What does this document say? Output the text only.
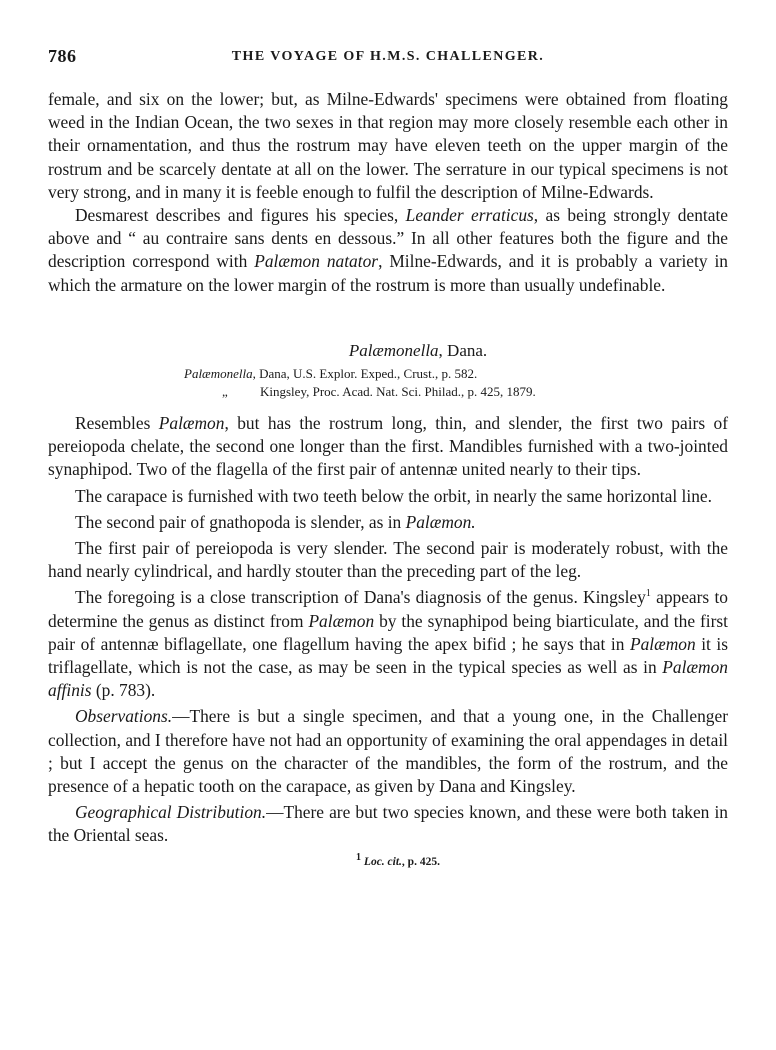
786	THE VOYAGE OF H.M.S. CHALLENGER.

female, and six on the lower; but, as Milne-Edwards' specimens were obtained from floating weed in the Indian Ocean, the two sexes in that region may more closely resemble each other in their ornamentation, and thus the rostrum may have eleven teeth on the upper margin of the rostrum and be scarcely dentate at all on the lower. The serrature in our typical specimens is not very strong, and in many it is feeble enough to fulfil the description of Milne-Edwards.

Desmarest describes and figures his species, Leander erraticus, as being strongly dentate above and “ au contraire sans dents en dessous.” In all other features both the figure and the description correspond with Palæmon natator, Milne-Edwards, and it is probably a variety in which the armature on the lower margin of the rostrum is more than usually undefinable.

Palæmonella, Dana.
Palæmonella, Dana, U.S. Explor. Exped., Crust., p. 582.
„ Kingsley, Proc. Acad. Nat. Sci. Philad., p. 425, 1879.

Resembles Palæmon, but has the rostrum long, thin, and slender, the first two pairs of pereiopoda chelate, the second one longer than the first. Mandibles furnished with a two-jointed synaphipod. Two of the flagella of the first pair of antennæ united nearly to their tips.

The carapace is furnished with two teeth below the orbit, in nearly the same horizontal line.

The second pair of gnathopoda is slender, as in Palæmon.

The first pair of pereiopoda is very slender. The second pair is moderately robust, with the hand nearly cylindrical, and hardly stouter than the preceding part of the leg.

The foregoing is a close transcription of Dana's diagnosis of the genus. Kingsley$^1$ appears to determine the genus as distinct from Palæmon by the synaphipod being biarticulate, and the first pair of antennæ biflagellate, one flagellum having the apex bifid ; he says that in Palæmon it is triflagellate, which is not the case, as may be seen in the typical species as well as in Palæmon affinis (p. 783).

Observations.—There is but a single specimen, and that a young one, in the Challenger collection, and I therefore have not had an opportunity of examining the oral appendages in detail ; but I accept the genus on the character of the mandibles, the form of the rostrum, and the presence of a hepatic tooth on the carapace, as given by Dana and Kingsley.

Geographical Distribution.—There are but two species known, and these were both taken in the Oriental seas.

$^1$ Loc. cit., p. 425.
